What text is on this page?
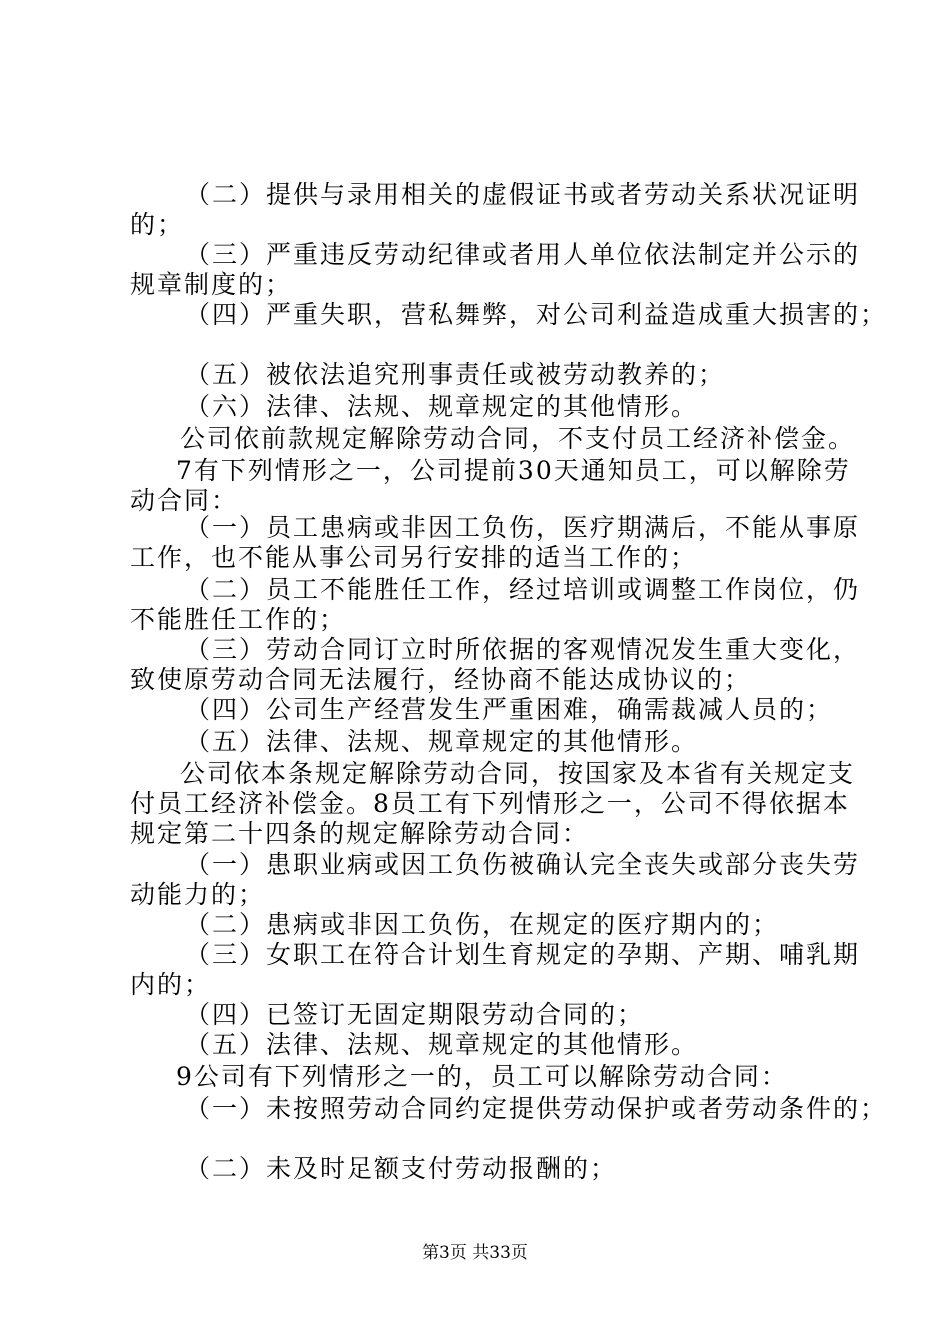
（二）提供与录用相关的虚假证书或者劳动关系状况证明
的；
（三）严重违反劳动纪律或者用人单位依法制定并公示的
规章制度的；
（四）严重失职，营私舞弊，对公司利益造成重大损害的；
（五）被依法追究刑事责任或被劳动教养的；
（六）法律、法规、规章规定的其他情形。
公司依前款规定解除劳动合同，不支付员工经济补偿金。
7有下列情形之一，公司提前30天通知员工，可以解除劳
动合同：
（一）员工患病或非因工负伤，医疗期满后，不能从事原
工作，也不能从事公司另行安排的适当工作的；
（二）员工不能胜任工作，经过培训或调整工作岗位，仍
不能胜任工作的；
（三）劳动合同订立时所依据的客观情况发生重大变化，
致使原劳动合同无法履行，经协商不能达成协议的；
（四）公司生产经营发生严重困难，确需裁减人员的；
（五）法律、法规、规章规定的其他情形。
公司依本条规定解除劳动合同，按国家及本省有关规定支
付员工经济补偿金。8员工有下列情形之一，公司不得依据本
规定第二十四条的规定解除劳动合同：
（一）患职业病或因工负伤被确认完全丧失或部分丧失劳
动能力的；
（二）患病或非因工负伤，在规定的医疗期内的；
（三）女职工在符合计划生育规定的孕期、产期、哺乳期
内的；
（四）已签订无固定期限劳动合同的；
（五）法律、法规、规章规定的其他情形。
9公司有下列情形之一的，员工可以解除劳动合同：
（一）未按照劳动合同约定提供劳动保护或者劳动条件的；
（二）未及时足额支付劳动报酬的；
第3页 共33页
